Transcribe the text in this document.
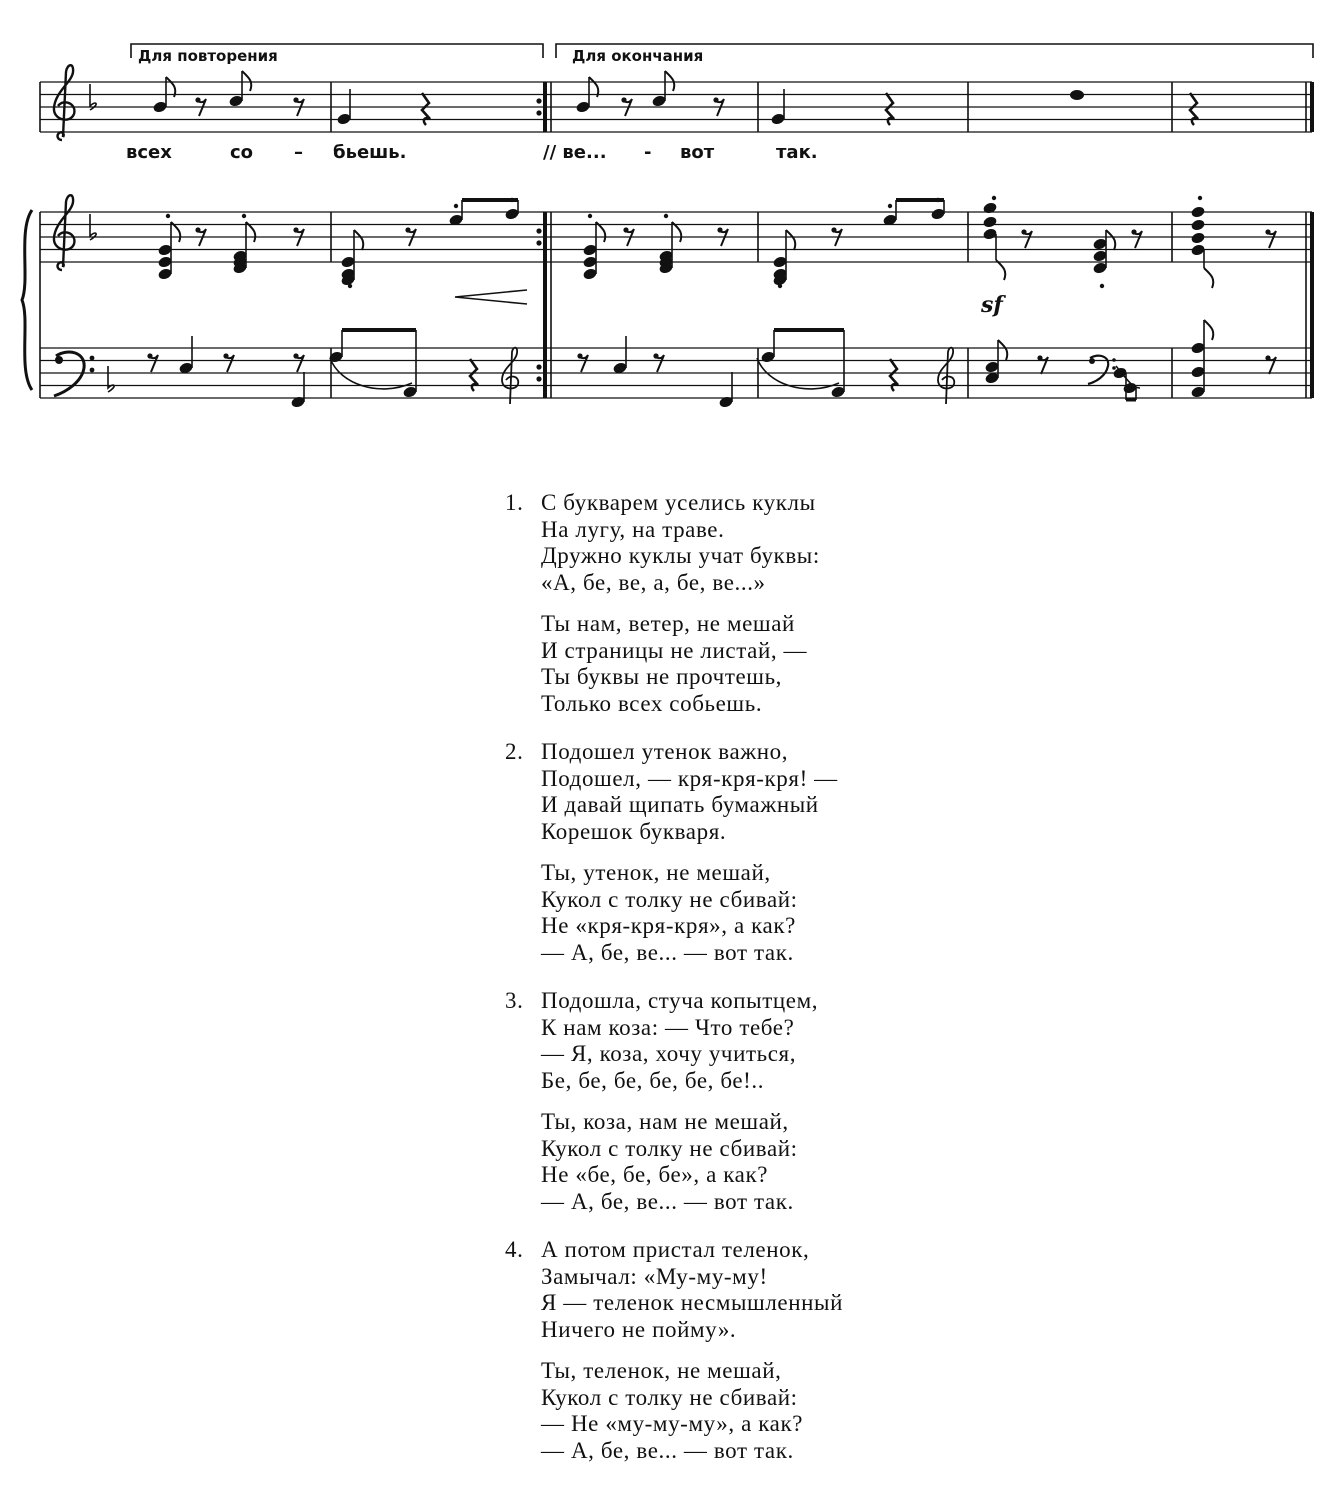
Для повторения	Для окончания
всех	со – бьешь.	// ве... - вот	так.
sf
1. С букварем уселись куклы
На лугу, на траве.
Дружно куклы учат буквы:
«А, бе, ве, а, бе, ве...»
Ты нам, ветер, не мешай
И страницы не листай, —
Ты буквы не прочтешь,
Только всех собьешь.
2. Подошел утенок важно,
Подошел, — кря-кря-кря! —
И давай щипать бумажный
Корешок букваря.
Ты, утенок, не мешай,
Кукол с толку не сбивай:
Не «кря-кря-кря», а как?
— А, бе, ве... — вот так.
3. Подошла, стуча копытцем,
К нам коза: — Что тебе?
— Я, коза, хочу учиться,
Бе, бе, бе, бе, бе, бе!..
Ты, коза, нам не мешай,
Кукол с толку не сбивай:
Не «бе, бе, бе», а как?
— А, бе, ве... — вот так.
4. А потом пристал теленок,
Замычал: «Му-му-му!
Я — теленок несмышленный
Ничего не пойму».
Ты, теленок, не мешай,
Кукол с толку не сбивай:
— Не «му-му-му», а как?
— А, бе, ве... — вот так.
